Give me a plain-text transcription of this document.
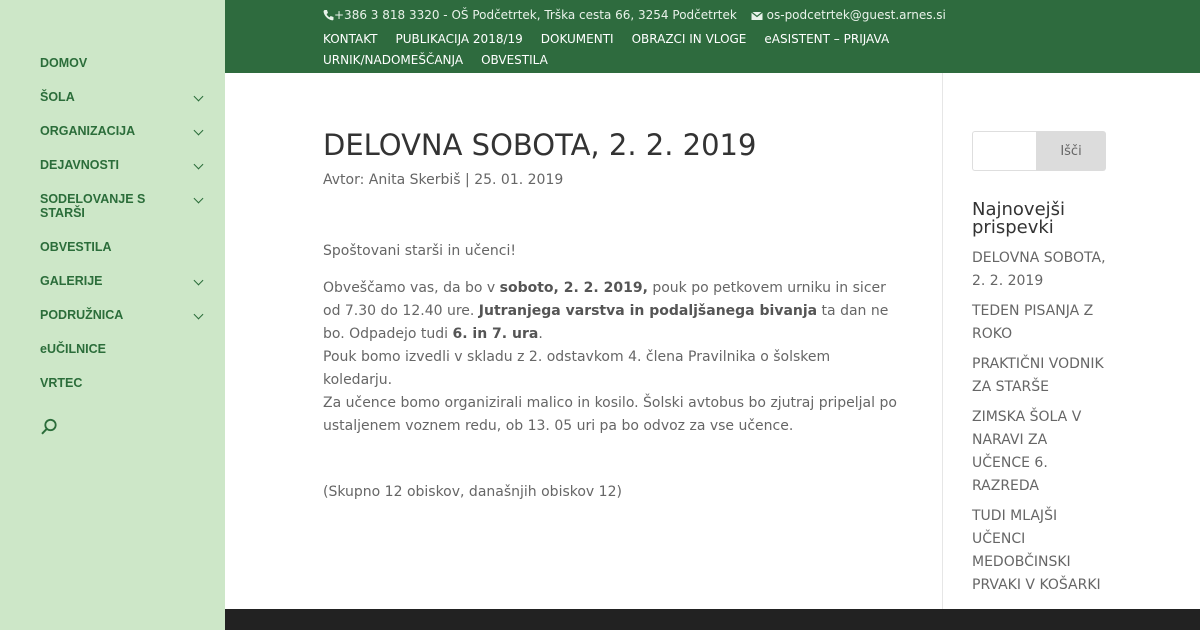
DOMOV
ŠOLA
ORGANIZACIJA
DEJAVNOSTI
SODELOVANJE S STARŠI
OBVESTILA
GALERIJE
PODRUŽNICA
eUČILNICE
VRTEC
+386 3 818 3320 - OŠ Podčetrtek, Trška cesta 66, 3254 Podčetrtek os-podcetrtek@guest.arnes.si
KONTAKT PUBLIKACIJA 2018/19 DOKUMENTI OBRAZCI IN VLOGE eASISTENT – PRIJAVAURNIK/NADOMEŠČANJA OBVESTILA
DELOVNA SOBOTA, 2. 2. 2019
Avtor: Anita Skerbiš | 25. 01. 2019

Spoštovani starši in učenci!

Obveščamo vas, da bo v soboto, 2. 2. 2019, pouk po petkovem urniku in sicer od 7.30 do 12.40 ure. Jutranjega varstva in podaljšanega bivanja ta dan ne bo. Odpadejo tudi 6. in 7. ura.
Pouk bomo izvedli v skladu z 2. odstavkom 4. člena Pravilnika o šolskem koledarju.
Za učence bomo organizirali malico in kosilo. Šolski avtobus bo zjutraj pripeljal po ustaljenem voznem redu, ob 13. 05 uri pa bo odvoz za vse učence.

(Skupno 12 obiskov, današnjih obiskov 12)
Išči
Najnovejši prispevki
DELOVNA SOBOTA, 2. 2. 2019
TEDEN PISANJA Z ROKO
PRAKTIČNI VODNIK ZA STARŠE
ZIMSKA ŠOLA V NARAVI ZA UČENCE 6. RAZREDA
TUDI MLAJŠI UČENCI MEDOBČINSKI PRVAKI V KOŠARKI
